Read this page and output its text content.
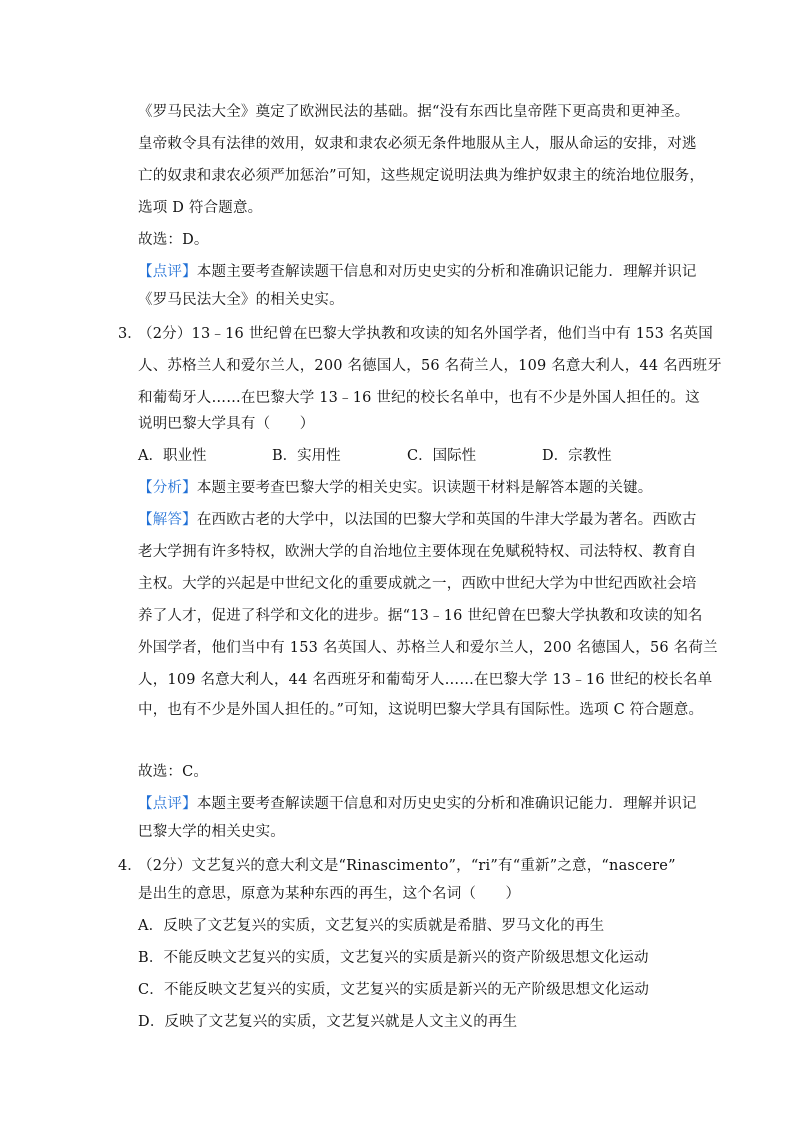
《罗马民法大全》奠定了欧洲民法的基础。据“没有东西比皇帝陛下更高贵和更神圣。
皇帝敕令具有法律的效用，奴隶和隶农必须无条件地服从主人，服从命运的安排，对逃
亡的奴隶和隶农必须严加惩治”可知，这些规定说明法典为维护奴隶主的统治地位服务，
选项 D 符合题意。
故选：D。
【点评】本题主要考查解读题干信息和对历史史实的分析和准确识记能力．理解并识记
《罗马民法大全》的相关史实。
3．
（2分）13﹣16 世纪曾在巴黎大学执教和攻读的知名外国学者，他们当中有 153 名英国
人、苏格兰人和爱尔兰人，200 名德国人，56 名荷兰人，109 名意大利人，44 名西班牙
和葡萄牙人……在巴黎大学 13﹣16 世纪的校长名单中，也有不少是外国人担任的。这
说明巴黎大学具有（　　）
A．职业性	B．实用性	C．国际性	D．宗教性
【分析】本题主要考查巴黎大学的相关史实。识读题干材料是解答本题的关键。
【解答】在西欧古老的大学中，以法国的巴黎大学和英国的牛津大学最为著名。西欧古
老大学拥有许多特权，欧洲大学的自治地位主要体现在免赋税特权、司法特权、教育自
主权。大学的兴起是中世纪文化的重要成就之一，西欧中世纪大学为中世纪西欧社会培
养了人才，促进了科学和文化的进步。据“13﹣16 世纪曾在巴黎大学执教和攻读的知名
外国学者，他们当中有 153 名英国人、苏格兰人和爱尔兰人，200 名德国人，56 名荷兰
人，109 名意大利人，44 名西班牙和葡萄牙人……在巴黎大学 13﹣16 世纪的校长名单
中，也有不少是外国人担任的。”可知，这说明巴黎大学具有国际性。选项 C 符合题意。
故选：C。
【点评】本题主要考查解读题干信息和对历史史实的分析和准确识记能力．理解并识记
巴黎大学的相关史实。
4．
（2分）文艺复兴的意大利文是“Rinascimento”，“ri”有“重新”之意，“nascere”
是出生的意思，原意为某种东西的再生，这个名词（　　）
A．反映了文艺复兴的实质，文艺复兴的实质就是希腊、罗马文化的再生
B．不能反映文艺复兴的实质，文艺复兴的实质是新兴的资产阶级思想文化运动
C．不能反映文艺复兴的实质，文艺复兴的实质是新兴的无产阶级思想文化运动
D．反映了文艺复兴的实质，文艺复兴就是人文主义的再生
